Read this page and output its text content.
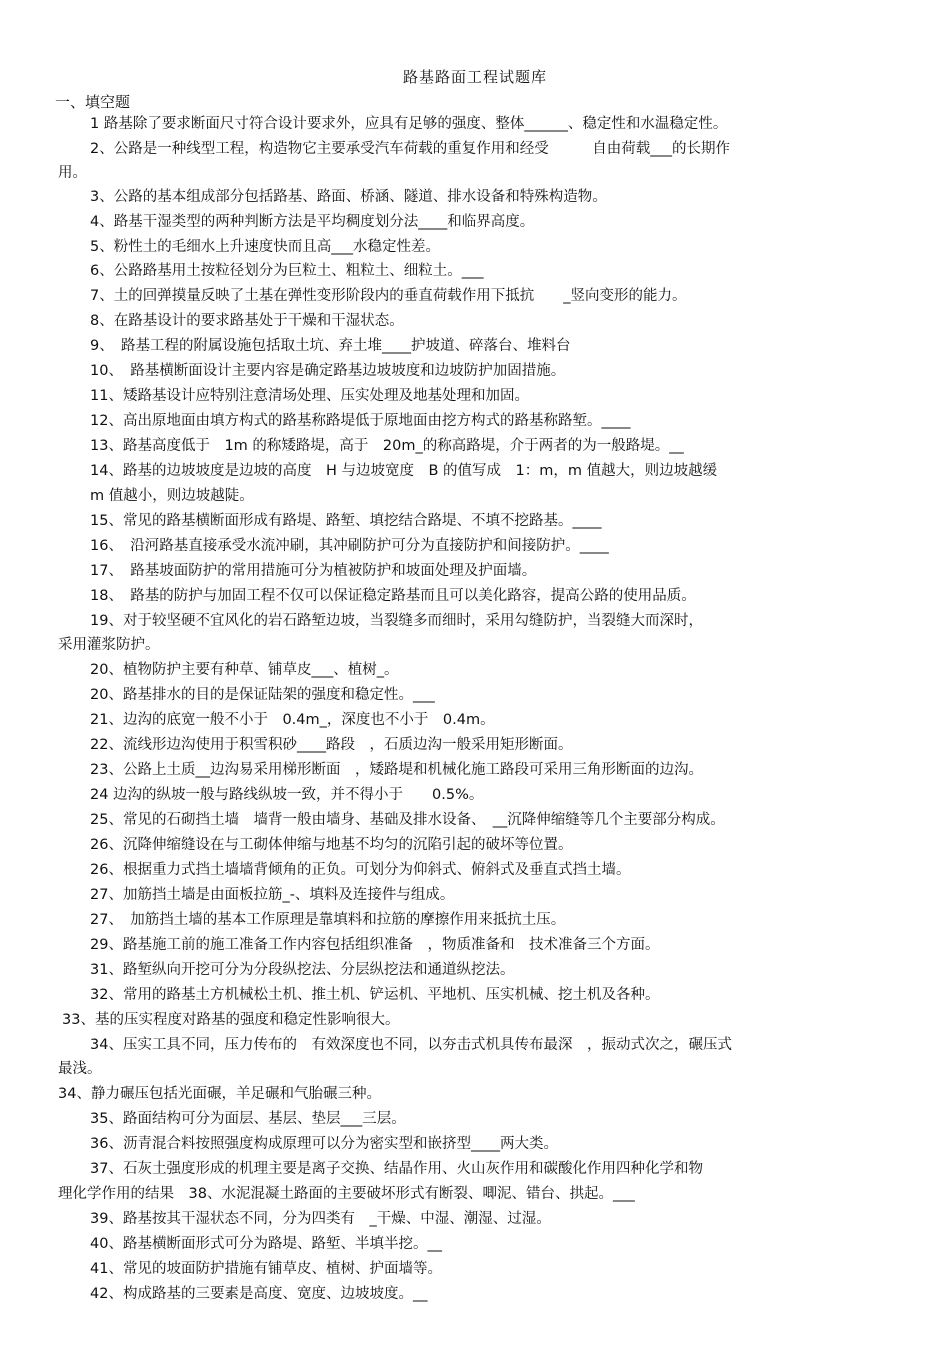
路基路面工程试题库
一、填空题
1 路基除了要求断面尺寸符合设计要求外，应具有足够的强度、整体______、稳定性和水温稳定性。
2、公路是一种线型工程，构造物它主要承受汽车荷载的重复作用和经受　　　自由荷载___的长期作
用。
3、公路的基本组成部分包括路基、路面、桥涵、隧道、排水设备和特殊构造物。
4、路基干湿类型的两种判断方法是平均稠度划分法____和临界高度。
5、粉性土的毛细水上升速度快而且高___水稳定性差。
6、公路路基用土按粒径划分为巨粒土、粗粒土、细粒土。___
7、土的回弹摸量反映了土基在弹性变形阶段内的垂直荷载作用下抵抗　　_竖向变形的能力。
8、在路基设计的要求路基处于干燥和干湿状态。
9、　路基工程的附属设施包括取土坑、弃土堆____护坡道、碎落台、堆料台
10、　路基横断面设计主要内容是确定路基边坡坡度和边坡防护加固措施。
11、矮路基设计应特别注意清场处理、压实处理及地基处理和加固。
12、高出原地面由填方构式的路基称路堤低于原地面由挖方构式的路基称路堑。____
13、路基高度低于　1m 的称矮路堤，高于　20m_的称高路堤，介于两者的为一般路堤。__
14、路基的边坡坡度是边坡的高度　H 与边坡宽度　B 的值写成　1：m，m 值越大，则边坡越缓
m 值越小，则边坡越陡。
15、常见的路基横断面形成有路堤、路堑、填挖结合路堤、不填不挖路基。____
16、　沿河路基直接承受水流冲刷，其冲刷防护可分为直接防护和间接防护。____
17、　路基坡面防护的常用措施可分为植被防护和坡面处理及护面墙。
18、　路基的防护与加固工程不仅可以保证稳定路基而且可以美化路容，提高公路的使用品质。
19、对于较坚硬不宜风化的岩石路堑边坡，当裂缝多而细时，采用勾缝防护，当裂缝大而深时，
采用灌浆防护。
20、植物防护主要有种草、铺草皮___、植树_。
20、路基排水的目的是保证陆架的强度和稳定性。___
21、边沟的底宽一般不小于　0.4m_，深度也不小于　0.4m。
22、流线形边沟使用于积雪积砂____路段　，石质边沟一般采用矩形断面。
23、公路上土质__边沟易采用梯形断面　，矮路堤和机械化施工路段可采用三角形断面的边沟。
24 边沟的纵坡一般与路线纵坡一致，并不得小于　　0.5%。
25、常见的石砌挡土墙　墙背一般由墙身、基础及排水设备、　__沉降伸缩缝等几个主要部分构成。
26、沉降伸缩缝设在与工砌体伸缩与地基不均匀的沉陷引起的破坏等位置。
26、根据重力式挡土墙墙背倾角的正负。可划分为仰斜式、俯斜式及垂直式挡土墙。
27、加筋挡土墙是由面板拉筋_-、填料及连接件与组成。
27、　加筋挡土墙的基本工作原理是靠填料和拉筋的摩擦作用来抵抗土压。
29、路基施工前的施工准备工作内容包括组织准备　，物质准备和　技术准备三个方面。
31、路堑纵向开挖可分为分段纵挖法、分层纵挖法和通道纵挖法。
32、常用的路基土方机械松土机、推土机、铲运机、平地机、压实机械、挖土机及各种。
33、基的压实程度对路基的强度和稳定性影响很大。
34、压实工具不同，压力传布的　有效深度也不同，以夯击式机具传布最深　，振动式次之，碾压式
最浅。
34、静力碾压包括光面碾，羊足碾和气胎碾三种。
35、路面结构可分为面层、基层、垫层___三层。
36、沥青混合料按照强度构成原理可以分为密实型和嵌挤型____两大类。
37、石灰土强度形成的机理主要是离子交换、结晶作用、火山灰作用和碳酸化作用四种化学和物
理化学作用的结果　38、水泥混凝土路面的主要破坏形式有断裂、唧泥、错台、拱起。___
39、路基按其干湿状态不同，分为四类有　_干燥、中湿、潮湿、过湿。
40、路基横断面形式可分为路堤、路堑、半填半挖。__
41、常见的坡面防护措施有铺草皮、植树、护面墙等。
42、构成路基的三要素是高度、宽度、边坡坡度。__
